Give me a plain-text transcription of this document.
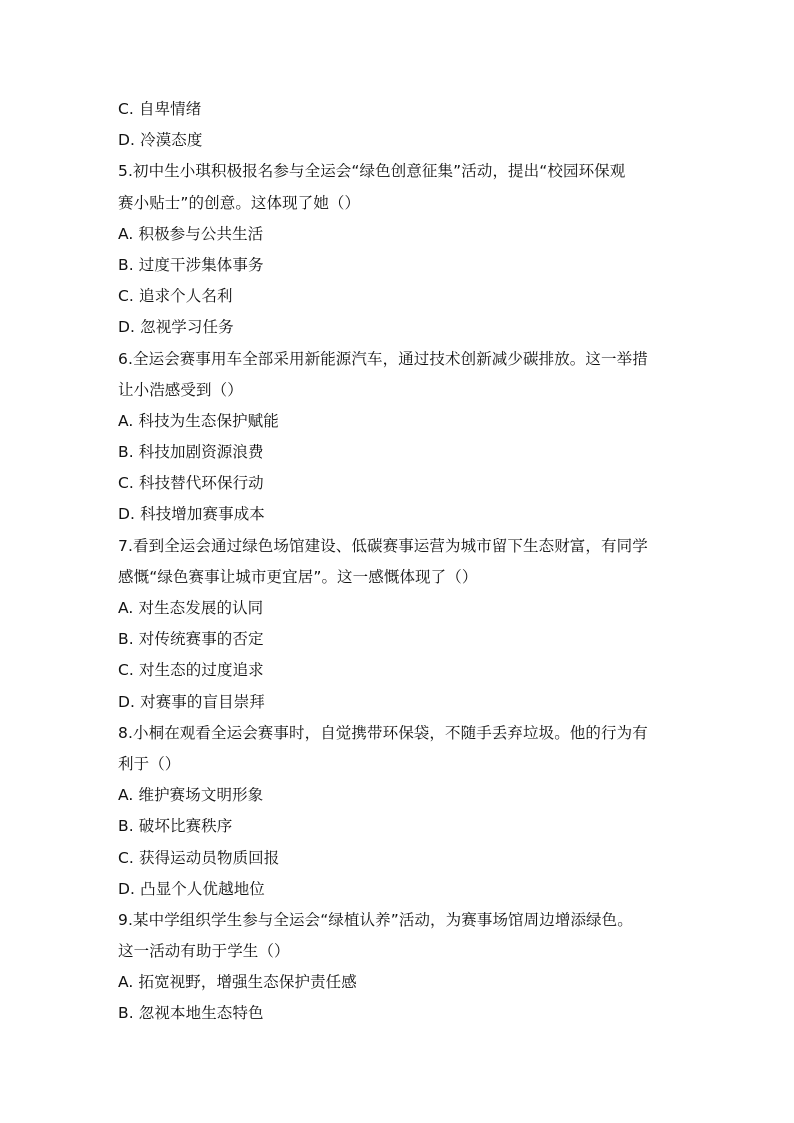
C. 自卑情绪
D. 冷漠态度
5.初中生小琪积极报名参与全运会“绿色创意征集”活动，提出“校园环保观
赛小贴士”的创意。这体现了她（）
A. 积极参与公共生活
B. 过度干涉集体事务
C. 追求个人名利
D. 忽视学习任务
6.全运会赛事用车全部采用新能源汽车，通过技术创新减少碳排放。这一举措
让小浩感受到（）
A. 科技为生态保护赋能
B. 科技加剧资源浪费
C. 科技替代环保行动
D. 科技增加赛事成本
7.看到全运会通过绿色场馆建设、低碳赛事运营为城市留下生态财富，有同学
感慨“绿色赛事让城市更宜居”。这一感慨体现了（）
A. 对生态发展的认同
B. 对传统赛事的否定
C. 对生态的过度追求
D. 对赛事的盲目崇拜
8.小桐在观看全运会赛事时，自觉携带环保袋，不随手丢弃垃圾。他的行为有
利于（）
A. 维护赛场文明形象
B. 破坏比赛秩序
C. 获得运动员物质回报
D. 凸显个人优越地位
9.某中学组织学生参与全运会“绿植认养”活动，为赛事场馆周边增添绿色。
这一活动有助于学生（）
A. 拓宽视野，增强生态保护责任感
B. 忽视本地生态特色
